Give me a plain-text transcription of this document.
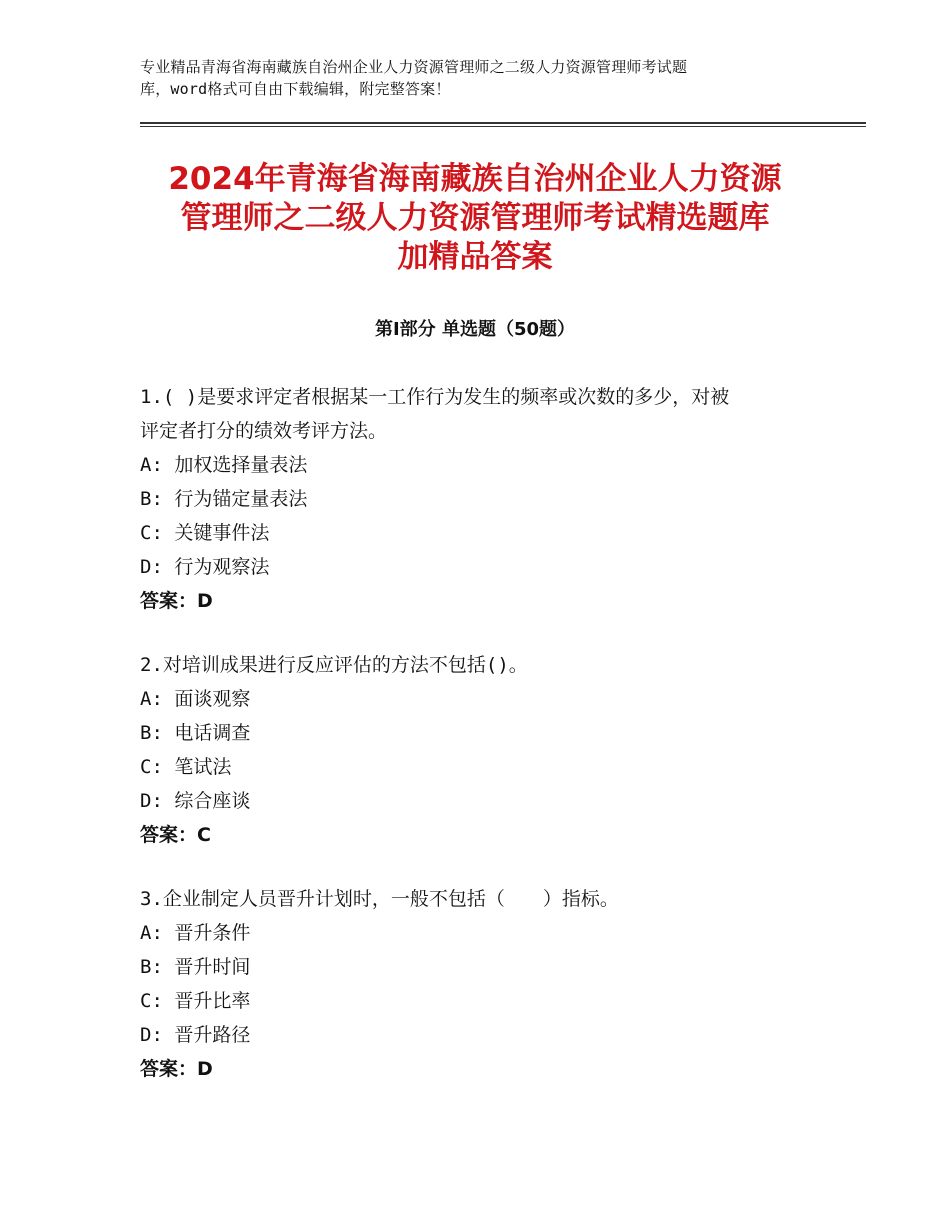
专业精品青海省海南藏族自治州企业人力资源管理师之二级人力资源管理师考试题
库，word格式可自由下载编辑，附完整答案！
2024年青海省海南藏族自治州企业人力资源
管理师之二级人力资源管理师考试精选题库
加精品答案
第Ⅰ部分 单选题（50题）
1.( )是要求评定者根据某一工作行为发生的频率或次数的多少，对被
评定者打分的绩效考评方法。
A: 加权选择量表法
B: 行为锚定量表法
C: 关键事件法
D: 行为观察法
答案：D
2.对培训成果进行反应评估的方法不包括()。
A: 面谈观察
B: 电话调查
C: 笔试法
D: 综合座谈
答案：C
3.企业制定人员晋升计划时，一般不包括（　　）指标。
A: 晋升条件
B: 晋升时间
C: 晋升比率
D: 晋升路径
答案：D
